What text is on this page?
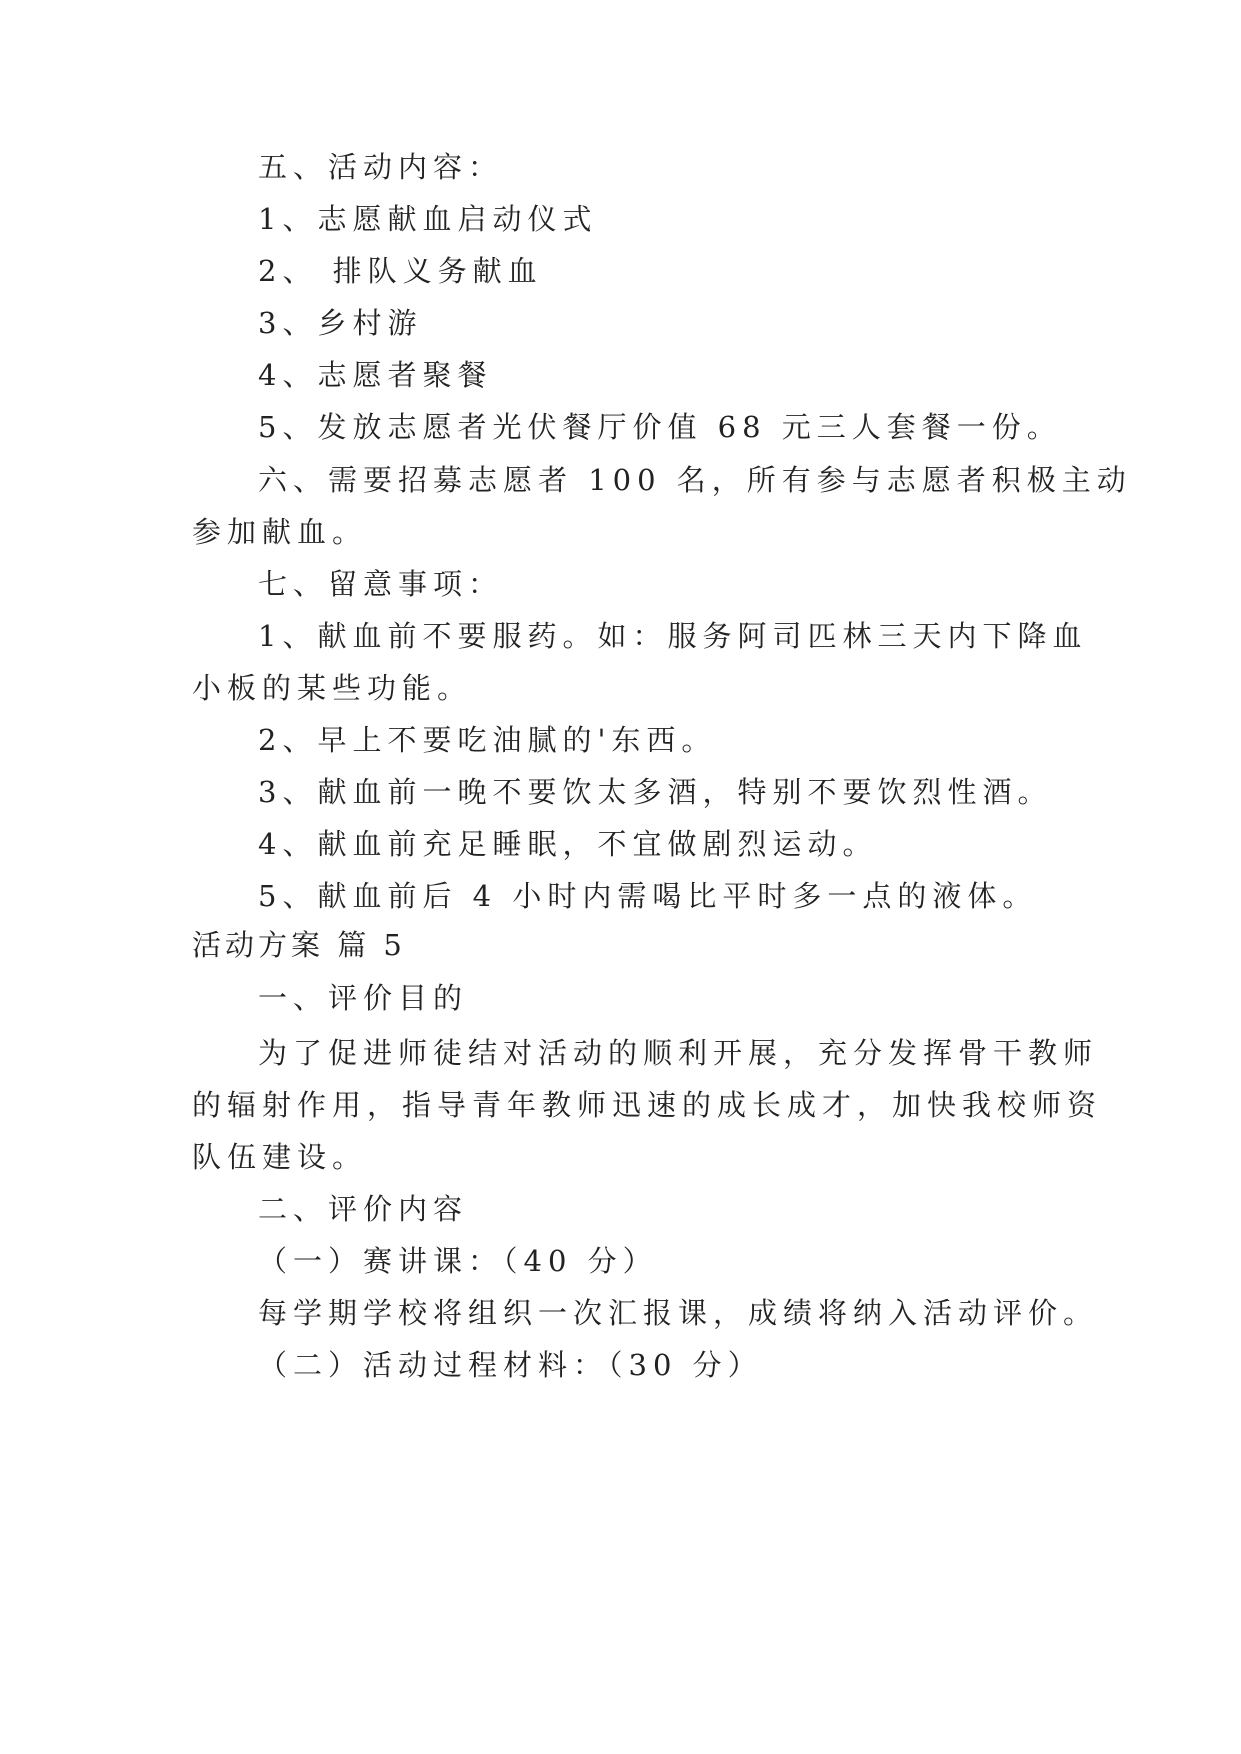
五、活动内容：
1、志愿献血启动仪式
2、 排队义务献血
3、乡村游
4、志愿者聚餐
5、发放志愿者光伏餐厅价值 68 元三人套餐一份。
六、需要招募志愿者 100 名，所有参与志愿者积极主动
参加献血。
七、留意事项：
1、献血前不要服药。如：服务阿司匹林三天内下降血
小板的某些功能。
2、早上不要吃油腻的'东西。
3、献血前一晚不要饮太多酒，特别不要饮烈性酒。
4、献血前充足睡眠，不宜做剧烈运动。
5、献血前后 4 小时内需喝比平时多一点的液体。
活动方案 篇 5
一、评价目的
为了促进师徒结对活动的顺利开展，充分发挥骨干教师
的辐射作用，指导青年教师迅速的成长成才，加快我校师资
队伍建设。
二、评价内容
（一）赛讲课：（40 分）
每学期学校将组织一次汇报课，成绩将纳入活动评价。
（二）活动过程材料：（30 分）
